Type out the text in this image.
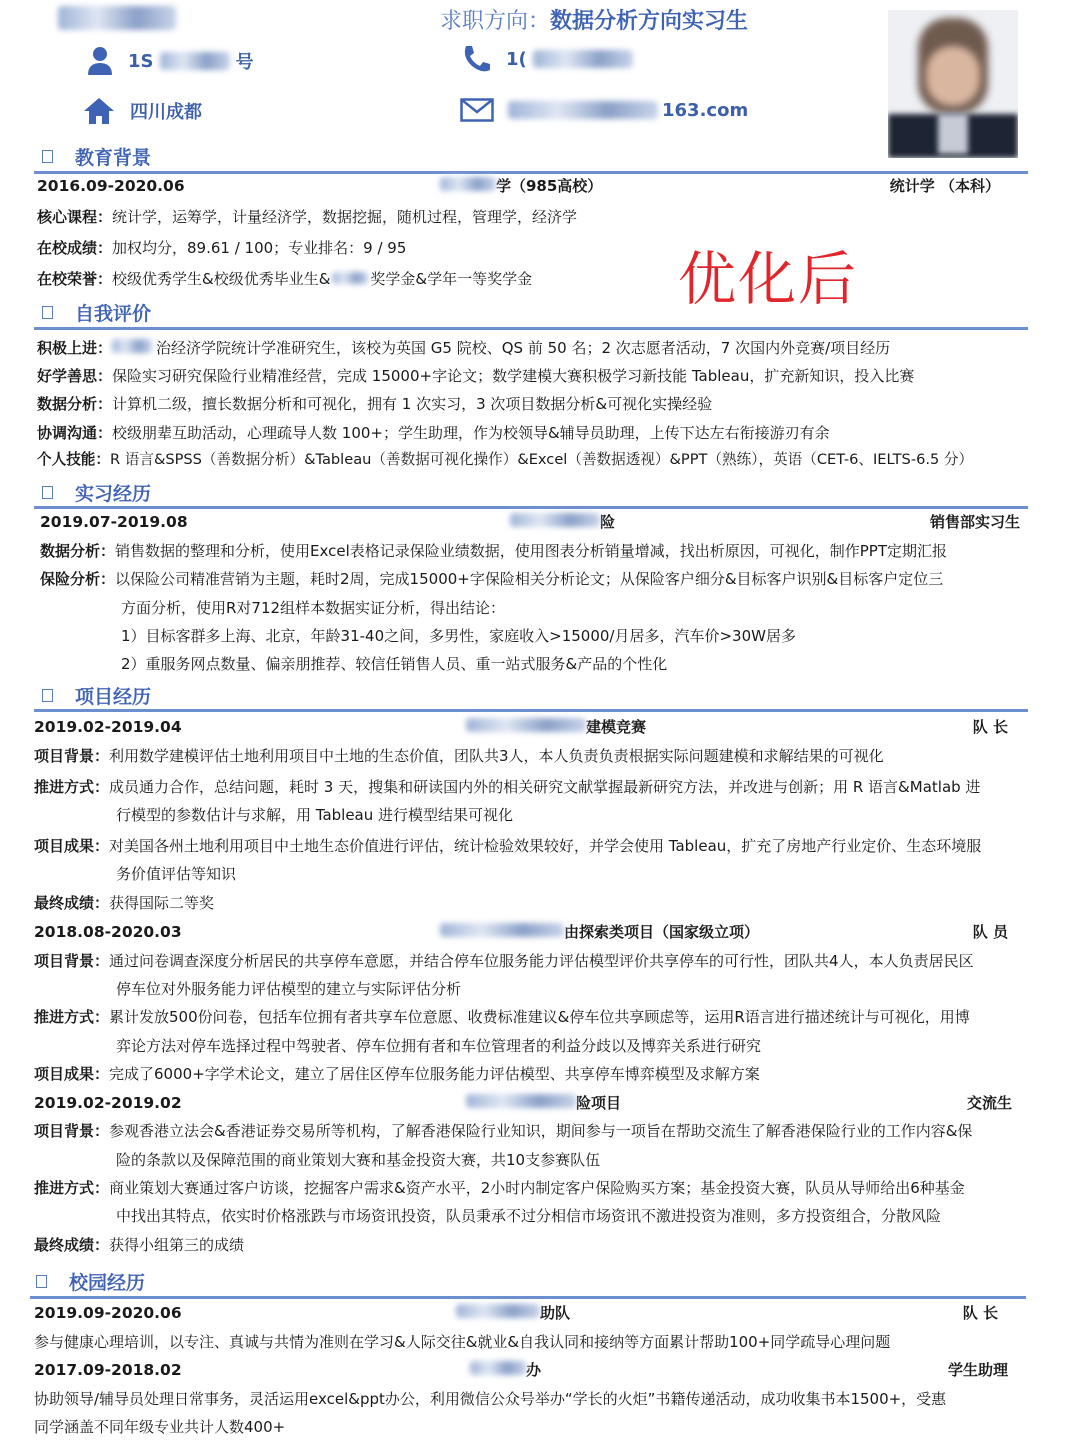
求职方向：数据分析方向实习生
1S	号	1(
四川成都	163.com
教育背景
2016.09-2020.06	学（985高校）	统计学 （本科）
核心课程：统计学，运筹学，计量经济学，数据挖掘，随机过程，管理学，经济学
在校成绩：加权均分，89.61 / 100；专业排名：9 / 95
在校荣誉：校级优秀学生&校级优秀毕业生&	奖学金&学年一等奖学金	优化后
自我评价
积极上进：	治经济学院统计学准研究生，该校为英国 G5 院校、QS 前 50 名；2 次志愿者活动，7 次国内外竞赛/项目经历
好学善思：保险实习研究保险行业精准经营，完成 15000+字论文；数学建模大赛积极学习新技能 Tableau，扩充新知识，投入比赛
数据分析：计算机二级，擅长数据分析和可视化，拥有 1 次实习，3 次项目数据分析&可视化实操经验
协调沟通：校级朋辈互助活动，心理疏导人数 100+；学生助理，作为校领导&辅导员助理，上传下达左右衔接游刃有余
个人技能：R 语言&SPSS（善数据分析）&Tableau（善数据可视化操作）&Excel（善数据透视）&PPT（熟练），英语（CET-6、IELTS-6.5 分）
实习经历
2019.07-2019.08	险	销售部实习生
数据分析：销售数据的整理和分析，使用Excel表格记录保险业绩数据，使用图表分析销量增减，找出析原因，可视化，制作PPT定期汇报
保险分析：以保险公司精准营销为主题，耗时2周，完成15000+字保险相关分析论文；从保险客户细分&目标客户识别&目标客户定位三
方面分析，使用R对712组样本数据实证分析，得出结论：
1）目标客群多上海、北京，年龄31-40之间，多男性，家庭收入>15000/月居多，汽车价>30W居多
2）重服务网点数量、偏亲朋推荐、较信任销售人员、重一站式服务&产品的个性化
项目经历
2019.02-2019.04	建模竞赛	队 长
项目背景：利用数学建模评估土地利用项目中土地的生态价值，团队共3人，本人负责负责根据实际问题建模和求解结果的可视化
推进方式：成员通力合作，总结问题，耗时 3 天，搜集和研读国内外的相关研究文献掌握最新研究方法，并改进与创新；用 R 语言&Matlab 进
行模型的参数估计与求解，用 Tableau 进行模型结果可视化
项目成果：对美国各州土地利用项目中土地生态价值进行评估，统计检验效果较好，并学会使用 Tableau，扩充了房地产行业定价、生态环境服
务价值评估等知识
最终成绩：获得国际二等奖
2018.08-2020.03	由探索类项目（国家级立项）	队 员
项目背景：通过问卷调查深度分析居民的共享停车意愿，并结合停车位服务能力评估模型评价共享停车的可行性，团队共4人，本人负责居民区
停车位对外服务能力评估模型的建立与实际评估分析
推进方式：累计发放500份问卷，包括车位拥有者共享车位意愿、收费标准建议&停车位共享顾虑等，运用R语言进行描述统计与可视化，用博
弈论方法对停车选择过程中驾驶者、停车位拥有者和车位管理者的利益分歧以及博弈关系进行研究
项目成果：完成了6000+字学术论文，建立了居住区停车位服务能力评估模型、共享停车博弈模型及求解方案
2019.02-2019.02	险项目	交流生
项目背景：参观香港立法会&香港证券交易所等机构，了解香港保险行业知识，期间参与一项旨在帮助交流生了解香港保险行业的工作内容&保
险的条款以及保障范围的商业策划大赛和基金投资大赛，共10支参赛队伍
推进方式：商业策划大赛通过客户访谈，挖掘客户需求&资产水平，2小时内制定客户保险购买方案；基金投资大赛，队员从导师给出6种基金
中找出其特点，依实时价格涨跌与市场资讯投资，队员秉承不过分相信市场资讯不激进投资为准则，多方投资组合，分散风险
最终成绩：获得小组第三的成绩
校园经历
2019.09-2020.06	助队	队 长
参与健康心理培训，以专注、真诚与共情为准则在学习&人际交往&就业&自我认同和接纳等方面累计帮助100+同学疏导心理问题
2017.09-2018.02	办	学生助理
协助领导/辅导员处理日常事务，灵活运用excel&ppt办公，利用微信公众号举办“学长的火炬”书籍传递活动，成功收集书本1500+，受惠
同学涵盖不同年级专业共计人数400+
